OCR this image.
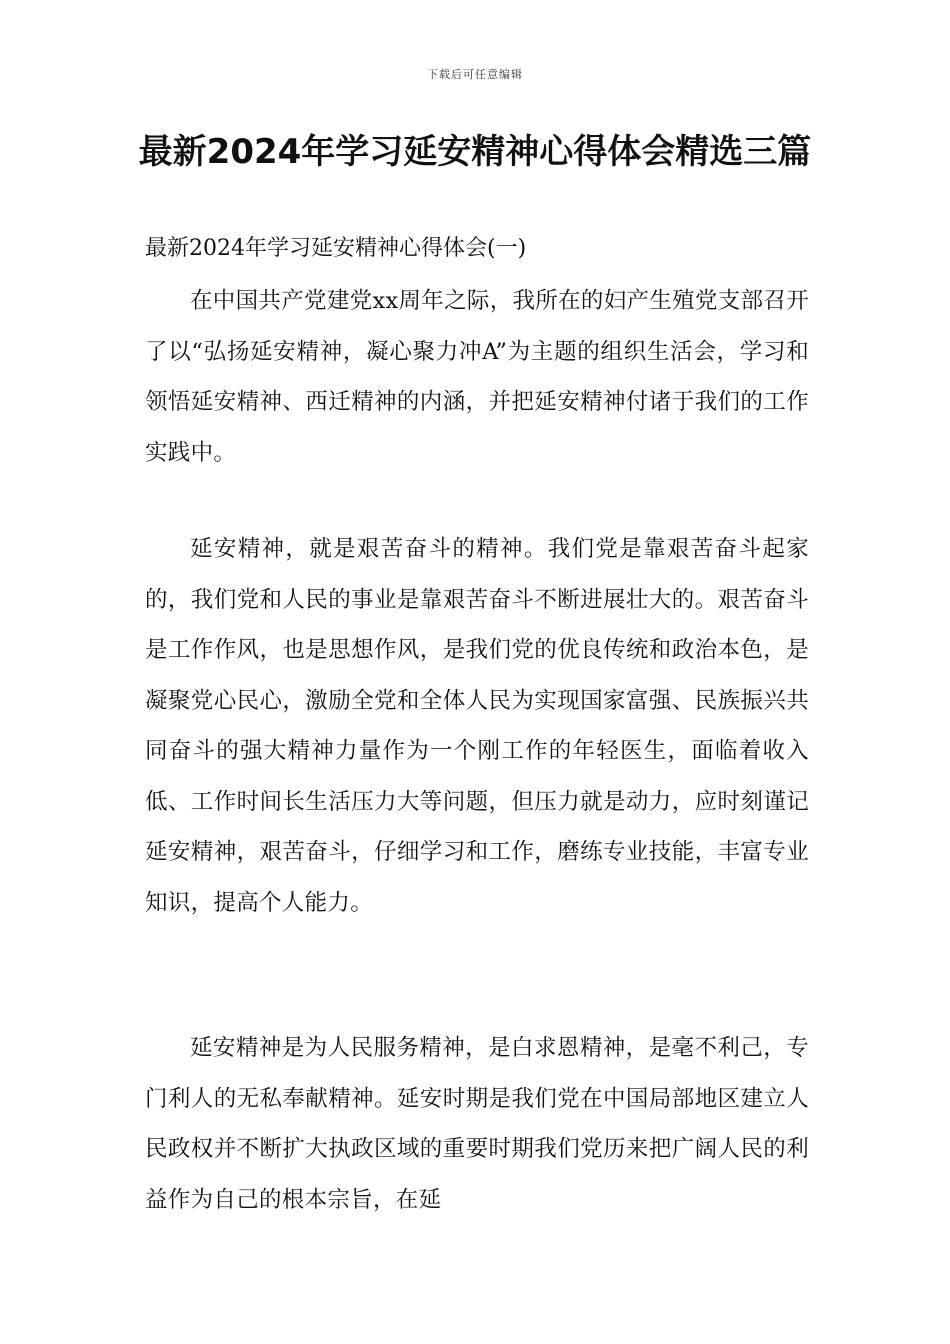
下载后可任意编辑
最新2024年学习延安精神心得体会精选三篇

最新2024年学习延安精神心得体会(一)

在中国共产党建党xx周年之际，我所在的妇产生殖党支部召开了以“弘扬延安精神，凝心聚力冲A”为主题的组织生活会，学习和领悟延安精神、西迁精神的内涵，并把延安精神付诸于我们的工作实践中。

延安精神，就是艰苦奋斗的精神。我们党是靠艰苦奋斗起家的，我们党和人民的事业是靠艰苦奋斗不断进展壮大的。艰苦奋斗是工作作风，也是思想作风，是我们党的优良传统和政治本色，是凝聚党心民心，激励全党和全体人民为实现国家富强、民族振兴共同奋斗的强大精神力量作为一个刚工作的年轻医生，面临着收入低、工作时间长生活压力大等问题，但压力就是动力，应时刻谨记延安精神，艰苦奋斗，仔细学习和工作，磨练专业技能，丰富专业知识，提高个人能力。

延安精神是为人民服务精神，是白求恩精神，是毫不利己，专门利人的无私奉献精神。延安时期是我们党在中国局部地区建立人民政权并不断扩大执政区域的重要时期我们党历来把广阔人民的利益作为自己的根本宗旨，在延
